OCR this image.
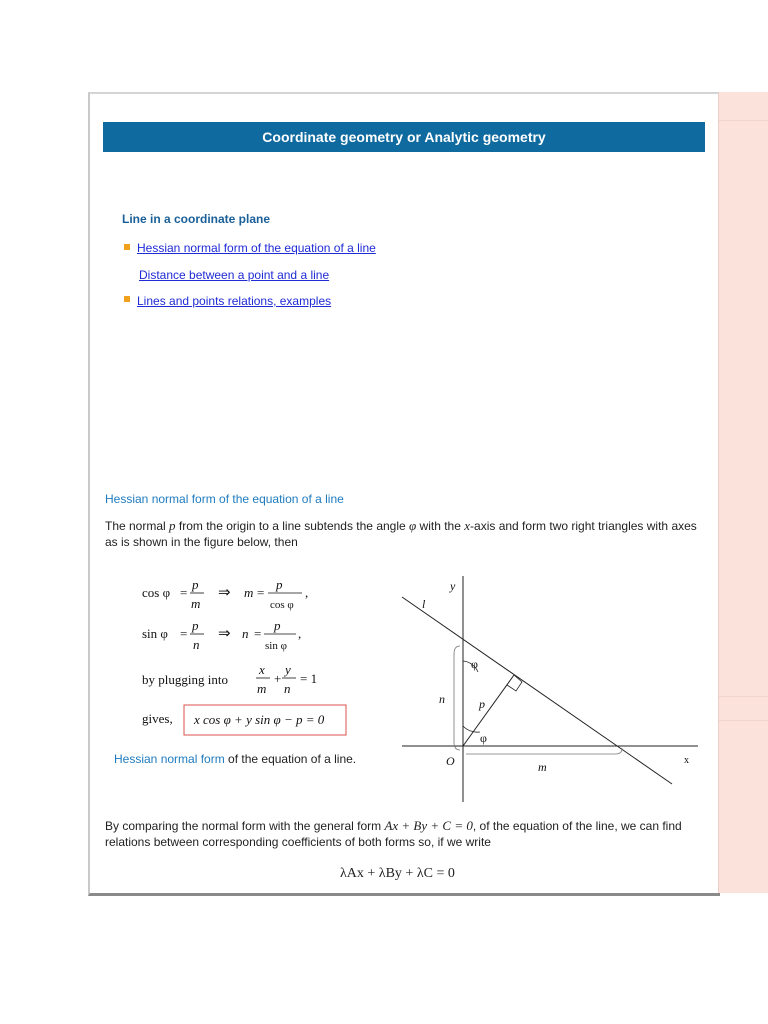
Coordinate geometry or Analytic geometry
Line in a coordinate plane
Hessian normal form of the equation of a line
Distance between a point and a line
Lines and points relations, examples
Hessian normal form of the equation of a line
The normal p from the origin to a line subtends the angle φ with the x-axis and form two right triangles with axes as is shown in the figure below, then
cos φ =
p
m
⇒ m =
p
cos φ
,
sin φ =
p
n
⇒ n =
p
sin φ
,
by plugging into
x
m
+
y
n
= 1
gives, x cos φ + y sin φ − p = 0
y
l
φ
n	p
φ
O	m	x
Hessian normal form of the equation of a line.
By comparing the normal form with the general form Ax + By + C = 0, of the equation of the line, we can find relations between corresponding coefficients of both forms so, if we write
λAx + λBy + λC = 0
